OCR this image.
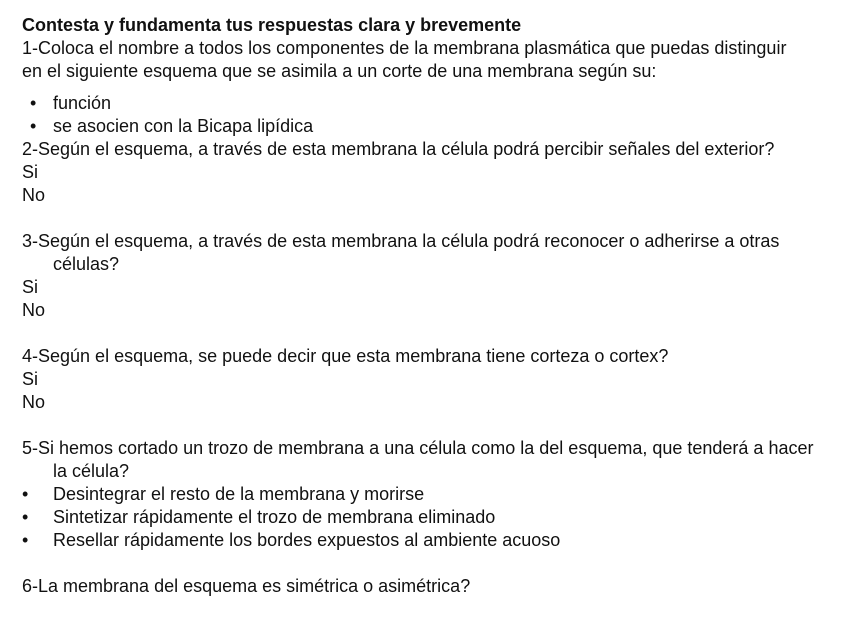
Contesta y fundamenta tus respuestas clara y brevemente
1-Coloca el nombre a todos los componentes de la membrana plasmática que puedas distinguir
en el siguiente esquema que se asimila a un corte de una membrana según su:
• función
• se asocien con la Bicapa lipídica
2-Según el esquema, a través de esta membrana la célula podrá percibir señales del exterior?
Si
No
3-Según el esquema, a través de esta membrana la célula podrá reconocer o adherirse a otras células?
Si
No
4-Según el esquema, se puede decir que esta membrana tiene corteza o cortex?
Si
No
5-Si hemos cortado un trozo de membrana a una célula como la del esquema, que tenderá a hacer la célula?
• Desintegrar el resto de la membrana y morirse
• Sintetizar rápidamente el trozo de membrana eliminado
• Resellar rápidamente los bordes expuestos al ambiente acuoso
6-La membrana del esquema es simétrica o asimétrica?
